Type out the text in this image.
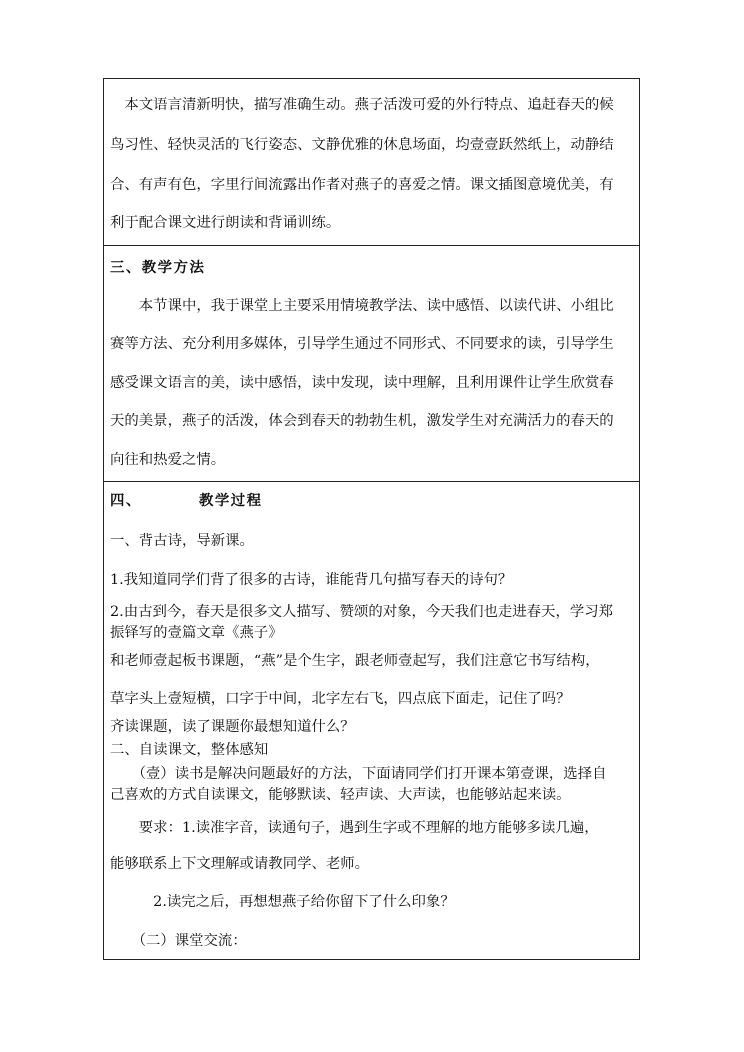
　本文语言清新明快，描写准确生动。燕子活泼可爱的外行特点、追赶春天的候
鸟习性、轻快灵活的飞行姿态、文静优雅的休息场面，均壹壹跃然纸上，动静结
合、有声有色，字里行间流露出作者对燕子的喜爱之情。课文插图意境优美，有
利于配合课文进行朗读和背诵训练。
三、教学方法
　　本节课中，我于课堂上主要采用情境教学法、读中感悟、以读代讲、小组比
赛等方法、充分利用多媒体，引导学生通过不同形式、不同要求的读，引导学生
感受课文语言的美，读中感悟，读中发现，读中理解，且利用课件让学生欣赏春
天的美景，燕子的活泼，体会到春天的勃勃生机，激发学生对充满活力的春天的
向往和热爱之情。
四、	教学过程
一、背古诗，导新课。
1.我知道同学们背了很多的古诗，谁能背几句描写春天的诗句？
2.由古到今，春天是很多文人描写、赞颂的对象，今天我们也走进春天，学习郑
振铎写的壹篇文章《燕子》
和老师壹起板书课题，“燕”是个生字，跟老师壹起写，我们注意它书写结构，
草字头上壹短横，口字于中间，北字左右飞，四点底下面走，记住了吗？
齐读课题，读了课题你最想知道什么？
二、自读课文，整体感知
　　（壹）读书是解决问题最好的方法，下面请同学们打开课本第壹课，选择自
己喜欢的方式自读课文，能够默读、轻声读、大声读，也能够站起来读。
　　要求：1.读准字音，读通句子，遇到生字或不理解的地方能够多读几遍，
能够联系上下文理解或请教同学、老师。
　　　2.读完之后，再想想燕子给你留下了什么印象？
　　（二）课堂交流：
